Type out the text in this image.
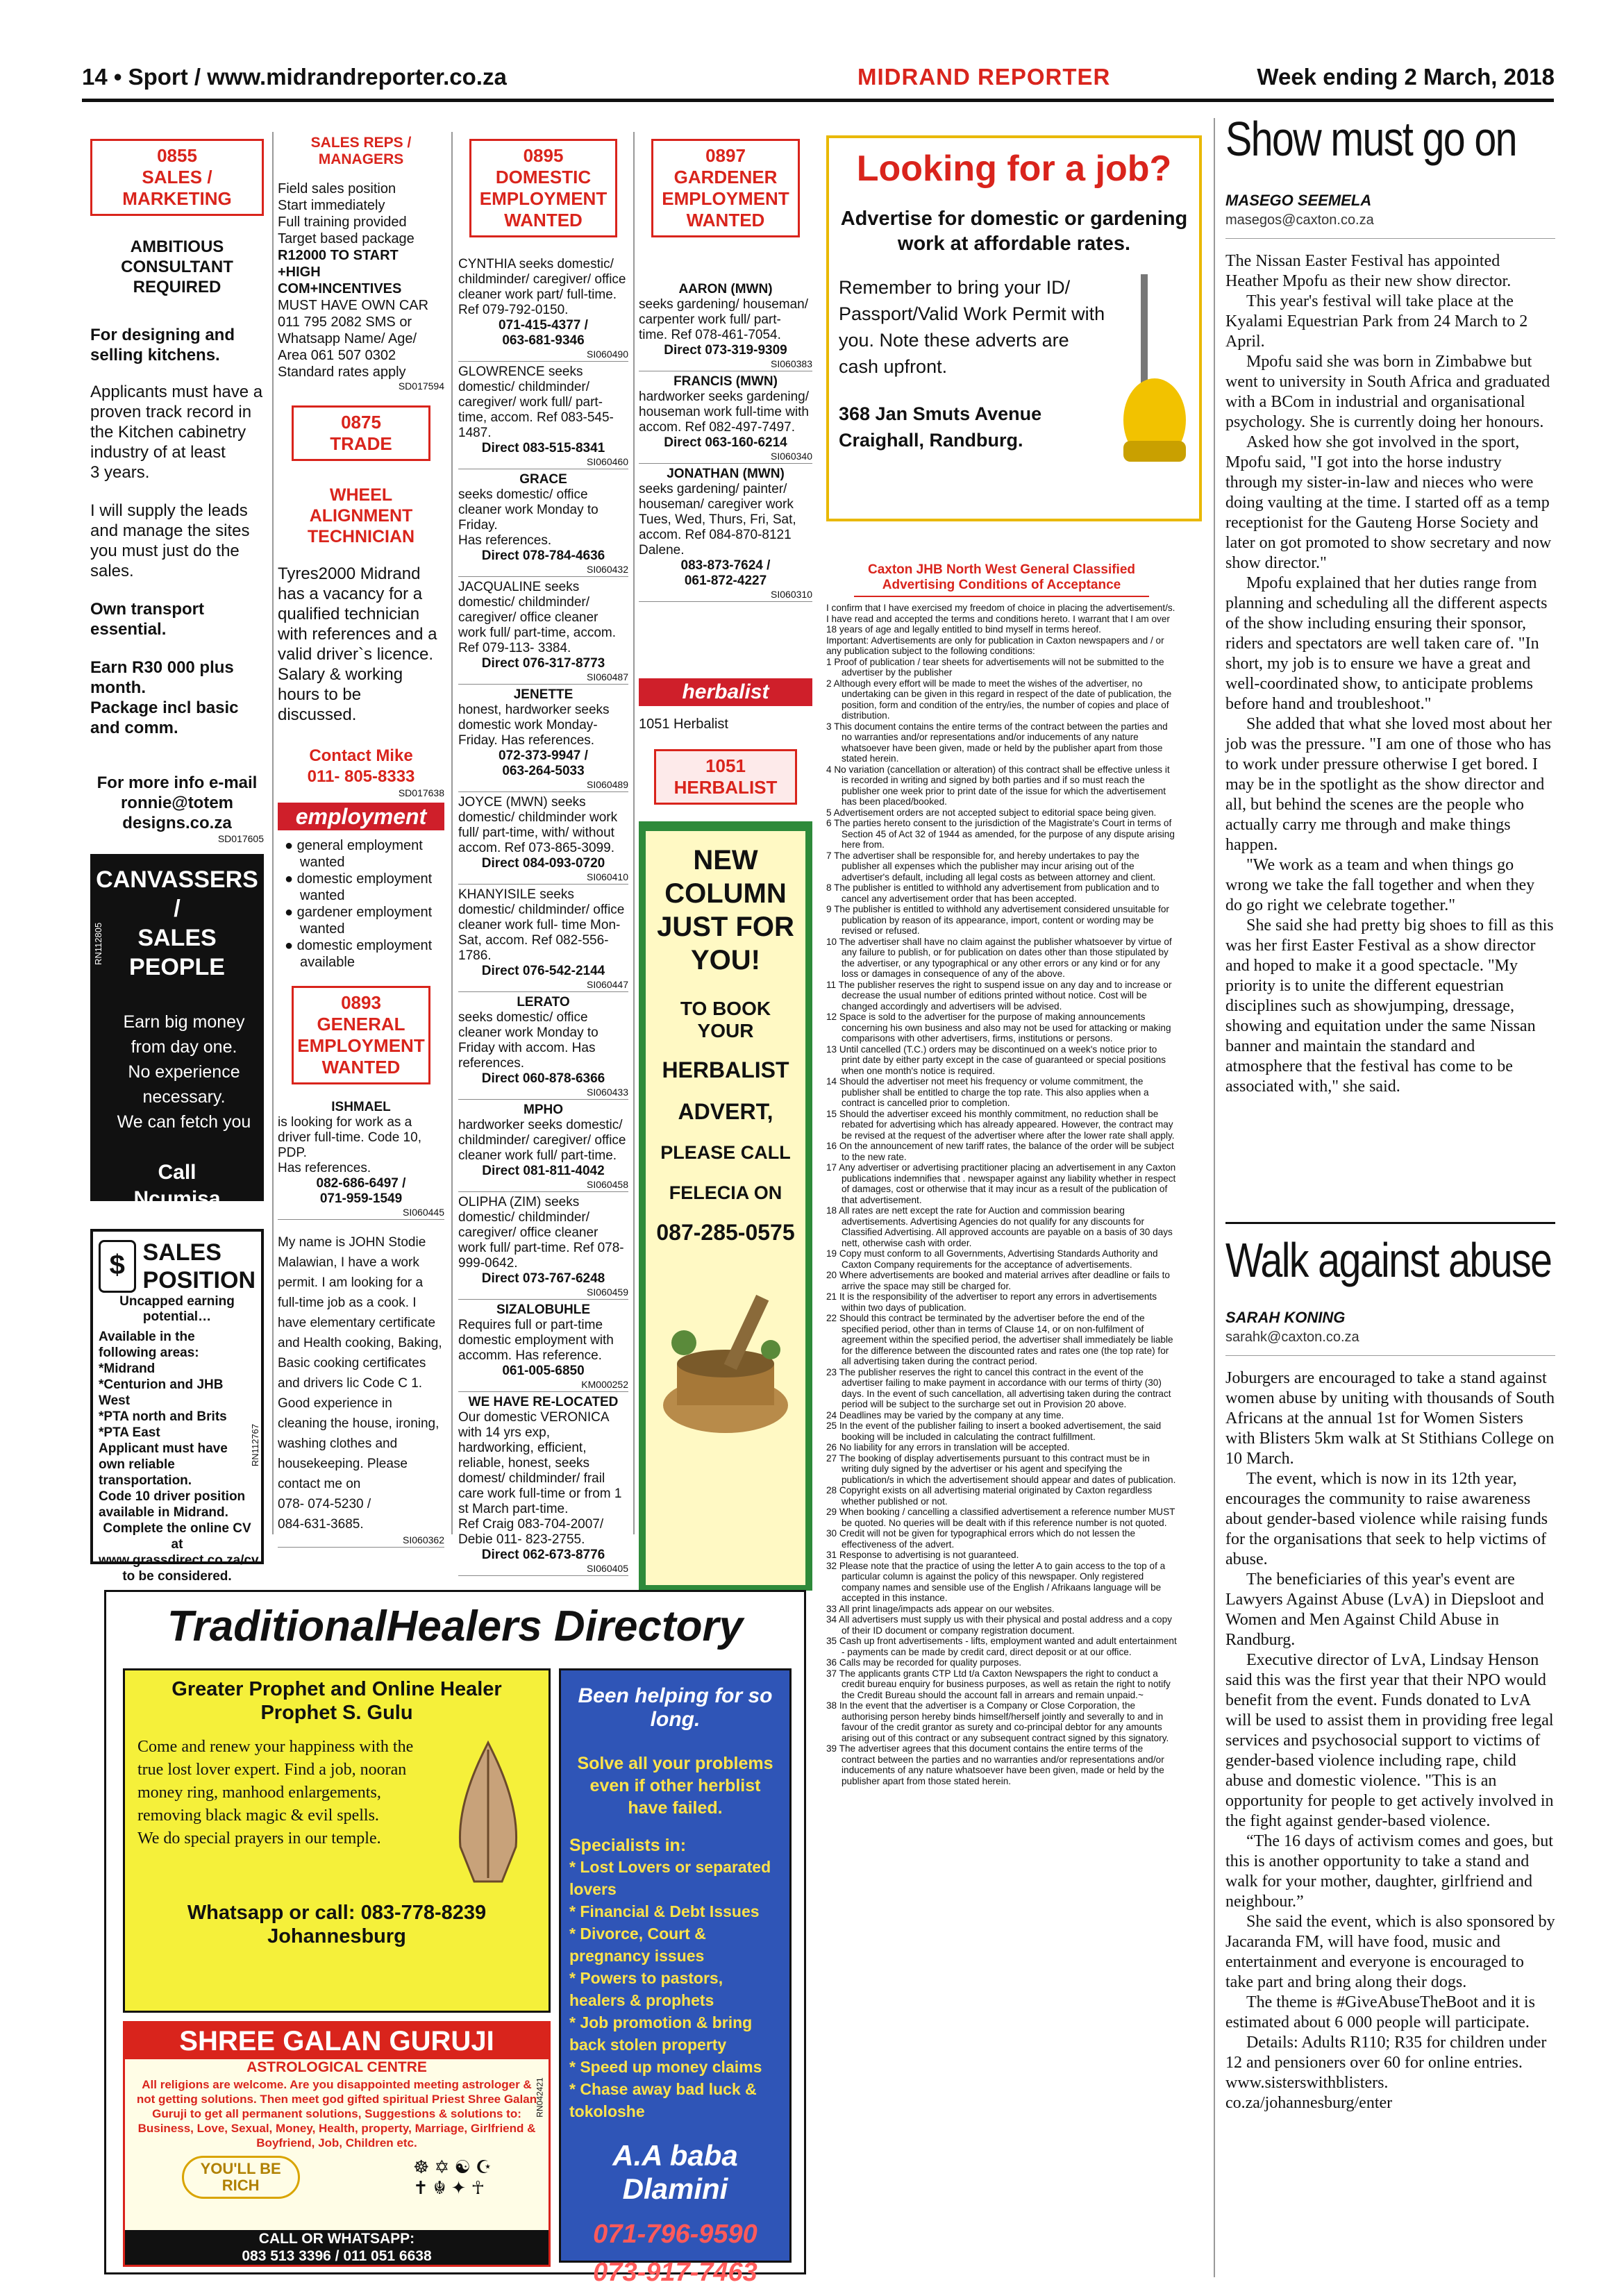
14 • Sport / www.midrandreporter.co.za	MIDRAND REPORTER	Week ending 2 March, 2018
0855
SALES / MARKETING
AMBITIOUS
CONSULTANT
REQUIRED
For designing and selling kitchens.
Applicants must have a proven track record in the Kitchen cabinetry industry of at least
3 years.
I will supply the leads and manage the sites you must just do the sales.
Own transport essential.
Earn R30 000 plus month.
Package incl basic and comm.
For more info e-mail
ronnie@totem
designs.co.za
SD017605
CANVASSERS /
SALES PEOPLE
Earn big money
from day one.
No experience
necessary.
We can fetch you
Call
Ncumisa
078 152 3922
RN112805
$ SALES
POSITION
Uncapped earning
potential…
Available in the following areas:
*Midrand
*Centurion and JHB West
*PTA north and Brits
*PTA East
Applicant must have own reliable transportation.
Code 10 driver position available in Midrand.
Complete the online CV at www.grassdirect.co.za/cv to be considered.
RN112767
SALES REPS /
MANAGERS
Field sales position
Start immediately
Full training provided
Target based package
R12000 TO START +HIGH COM+INCENTIVES
MUST HAVE OWN CAR
011 795 2082 SMS or
Whatsapp Name/ Age/
Area 061 507 0302
Standard rates apply
SD017594
0875
TRADE
WHEEL
ALIGNMENT
TECHNICIAN
Tyres2000 Midrand has a vacancy for a qualified technician with references and a valid driver`s licence. Salary & working hours to be discussed.
Contact Mike
011- 805-8333
SD017638
employment
● general employment wanted
● domestic employment wanted
● gardener employment wanted
● domestic employment available
0893
GENERAL
EMPLOYMENT
WANTED
ISHMAEL
is looking for work as a driver full-time. Code 10, PDP.
Has references.
082-686-6497 /
071-959-1549
SI060445
My name is JOHN Stodie Malawian, I have a work permit. I am looking for a full-time job as a cook. I have elementary certificate and Health cooking, Baking, Basic cooking certificates and drivers lic Code C 1. Good experience in cleaning the house, ironing, washing clothes and housekeeping. Please contact me on
078- 074-5230 /
084-631-3685.
SI060362
0895
DOMESTIC
EMPLOYMENT
WANTED
CYNTHIA seeks domestic/ childminder/ caregiver/ office cleaner work part/ full-time. Ref 079-792-0150.
071-415-4377 /
063-681-9346
SI060490
GLOWRENCE seeks domestic/ childminder/ caregiver/ work full/ part-time, accom. Ref 083-545-1487.
Direct 083-515-8341
SI060460
GRACE
seeks domestic/ office cleaner work Monday to Friday.
Has references.
Direct 078-784-4636
SI060432
JACQUALINE seeks domestic/ childminder/ caregiver/ office cleaner work full/ part-time, accom. Ref 079-113- 3384.
Direct 076-317-8773
SI060487
JENETTE
honest, hardworker seeks domestic work Monday-Friday. Has references.
072-373-9947 /
063-264-5033
SI060489
JOYCE (MWN) seeks domestic/ childminder work full/ part-time, with/ without accom. Ref 073-865-3099.
Direct 084-093-0720
SI060410
KHANYISILE seeks domestic/ childminder/ office cleaner work full- time Mon- Sat, accom. Ref 082-556- 1786.
Direct 076-542-2144
SI060447
LERATO
seeks domestic/ office cleaner work Monday to Friday with accom. Has references.
Direct 060-878-6366
SI060433
MPHO
hardworker seeks domestic/ childminder/ caregiver/ office cleaner work full/ part-time.
Direct 081-811-4042
SI060458
OLIPHA (ZIM) seeks domestic/ childminder/ caregiver/ office cleaner work full/ part-time. Ref 078-999-0642.
Direct 073-767-6248
SI060459
SIZALOBUHLE
Requires full or part-time domestic employment with accomm. Has reference.
061-005-6850
KM000252
WE HAVE RE-LOCATED
Our domestic VERONICA with 14 yrs exp, hardworking, efficient, reliable, honest, seeks domest/ childminder/ frail care work full-time or from 1 st March part-time.
Ref Craig 083-704-2007/ Debie 011- 823-2755.
Direct 062-673-8776
SI060405
0897
GARDENER
EMPLOYMENT
WANTED
AARON (MWN)
seeks gardening/ houseman/ carpenter work full/ part- time. Ref 078-461-7054.
Direct 073-319-9309
SI060383
FRANCIS (MWN)
hardworker seeks gardening/ houseman work full-time with accom. Ref 082-497-7497.
Direct 063-160-6214
SI060340
JONATHAN (MWN)
seeks gardening/ painter/ houseman/ caregiver work Tues, Wed, Thurs, Fri, Sat, accom. Ref 084-870-8121 Dalene.
083-873-7624 /
061-872-4227
SI060310
herbalist
1051 Herbalist
1051
HERBALIST
NEW
COLUMN
JUST FOR
YOU!
TO BOOK YOUR
HERBALIST
ADVERT,
PLEASE CALL
FELECIA ON
087-285-0575
Looking for a job?
Advertise for domestic or gardening work at affordable rates.
Remember to bring your ID/ Passport/Valid Work Permit with you. Note these adverts are cash upfront.
368 Jan Smuts Avenue
Craighall, Randburg.
Caxton JHB North West General Classified
Advertising Conditions of Acceptance
I confirm that I have exercised my freedom of choice in placing the advertisement/s. I have read and accepted the terms and conditions hereto. I warrant that I am over 18 years of age and legally entitled to bind myself in terms hereof.
Important: Advertisements are only for publication in Caxton newspapers and / or any publication subject to the following conditions:
1 Proof of publication / tear sheets for advertisements will not be submitted to the advertiser by the publisher
2 Although every effort will be made to meet the wishes of the advertiser, no undertaking can be given in this regard in respect of the date of publication, the position, form and condition of the entry/ies, the number of copies and place of distribution.
3 This document contains the entire terms of the contract between the parties and no warranties and/or representations and/or inducements of any nature whatsoever have been given, made or held by the publisher apart from those stated herein.
4 No variation (cancellation or alteration) of this contract shall be effective unless it is recorded in writing and signed by both parties and if so must reach the publisher one week prior to print date of the issue for which the advertisement has been placed/booked.
5 Advertisement orders are not accepted subject to editorial space being given.
6 The parties hereto consent to the jurisdiction of the Magistrate's Court in terms of Section 45 of Act 32 of 1944 as amended, for the purpose of any dispute arising here from.
7 The advertiser shall be responsible for, and hereby undertakes to pay the publisher all expenses which the publisher may incur arising out of the advertiser's default, including all legal costs as between attorney and client.
8 The publisher is entitled to withhold any advertisement from publication and to cancel any advertisement order that has been accepted.
9 The publisher is entitled to withhold any advertisement considered unsuitable for publication by reason of its appearance, import, content or wording may be revised or refused.
10 The advertiser shall have no claim against the publisher whatsoever by virtue of any failure to publish, or for publication on dates other than those stipulated by the advertiser, or any typographical or any other errors or any kind or for any loss or damages in consequence of any of the above.
11 The publisher reserves the right to suspend issue on any day and to increase or decrease the usual number of editions printed without notice. Cost will be changed accordingly and advertisers will be advised.
12 Space is sold to the advertiser for the purpose of making announcements concerning his own business and also may not be used for attacking or making comparisons with other advertisers, firms, institutions or persons.
13 Until cancelled (T.C.) orders may be discontinued on a week's notice prior to print date by either party except in the case of guaranteed or special positions when one month's notice is required.
14 Should the advertiser not meet his frequency or volume commitment, the publisher shall be entitled to charge the top rate. This also applies when a contract is cancelled prior to completion.
15 Should the advertiser exceed his monthly commitment, no reduction shall be rebated for advertising which has already appeared. However, the contract may be revised at the request of the advertiser where after the lower rate shall apply.
16 On the announcement of new tariff rates, the balance of the order will be subject to the new rate.
17 Any advertiser or advertising practitioner placing an advertisement in any Caxton publications indemnifies that . newspaper against any liability whether in respect of damages, cost or otherwise that it may incur as a result of the publication of that advertisement.
18 All rates are nett except the rate for Auction and commission bearing advertisements. Advertising Agencies do not qualify for any discounts for Classified Advertising. All approved accounts are payable on a basis of 30 days nett, otherwise cash with order.
19 Copy must conform to all Governments, Advertising Standards Authority and Caxton Company requirements for the acceptance of advertisements.
20 Where advertisements are booked and material arrives after deadline or fails to arrive the space may still be charged for.
21 It is the responsibility of the advertiser to report any errors in advertisements within two days of publication.
22 Should this contract be terminated by the advertiser before the end of the specified period, other than in terms of Clause 14, or on non-fulfilment of agreement within the specified period, the advertiser shall immediately be liable for the difference between the discounted rates and rates one (the top rate) for all advertising taken during the contract period.
23 The publisher reserves the right to cancel this contract in the event of the advertiser failing to make payment in accordance with our terms of thirty (30) days. In the event of such cancellation, all advertising taken during the contract period will be subject to the surcharge set out in Provision 20 above.
24 Deadlines may be varied by the company at any time.
25 In the event of the publisher failing to insert a booked advertisement, the said booking will be included in calculating the contract fulfillment.
26 No liability for any errors in translation will be accepted.
27 The booking of display advertisements pursuant to this contract must be in writing duly signed by the advertiser or his agent and specifying the publication/s in which the advertisement should appear and dates of publication.
28 Copyright exists on all advertising material originated by Caxton regardless whether published or not.
29 When booking / cancelling a classified advertisement a reference number MUST be quoted. No queries will be dealt with if this reference number is not quoted.
30 Credit will not be given for typographical errors which do not lessen the effectiveness of the advert.
31 Response to advertising is not guaranteed.
32 Please note that the practice of using the letter A to gain access to the top of a particular column is against the policy of this newspaper. Only registered company names and sensible use of the English / Afrikaans language will be accepted in this instance.
33 All print linage/impacts ads appear on our websites.
34 All advertisers must supply us with their physical and postal address and a copy of their ID document or company registration document.
35 Cash up front advertisements - lifts, employment wanted and adult entertainment - payments can be made by credit card, direct deposit or at our office.
36 Calls may be recorded for quality purposes.
37 The applicants grants CTP Ltd t/a Caxton Newspapers the right to conduct a credit bureau enquiry for business purposes, as well as retain the right to notify the Credit Bureau should the account fall in arrears and remain unpaid.~
38 In the event that the advertiser is a Company or Close Corporation, the authorising person hereby binds himself/herself jointly and severally to and in favour of the credit grantor as surety and co-principal debtor for any amounts arising out of this contract or any subsequent contract signed by this signatory.
39 The advertiser agrees that this document contains the entire terms of the contract between the parties and no warranties and/or representations and/or inducements of any nature whatsoever have been given, made or held by the publisher apart from those stated herein.
TraditionalHealers Directory
Greater Prophet and Online Healer
Prophet S. Gulu
Come and renew your happiness with the true lost lover expert. Find a job, nooran money ring, manhood enlargements, removing black magic & evil spells.
We do special prayers in our temple.
Whatsapp or call: 083-778-8239
Johannesburg
SHREE GALAN GURUJI
ASTROLOGICAL CENTRE
All religions are welcome. Are you disappointed meeting astrologer & not getting solutions. Then meet god gifted spiritual Priest Shree Galan Guruji to get all permanent solutions, Suggestions & solutions to: Business, Love, Sexual, Money, Health, property, Marriage, Girlfriend & Boyfriend, Job, Children etc.
YOU'LL BE
RICH
☸ ✡ ☯ ☪
✝ ☬ ✦ ☥
CALL OR WHATSAPP:
083 513 3396 / 011 051 6638
RN042421
Been helping for so long.
Solve all your problems even if other herblist have failed.
Specialists in:
* Lost Lovers or separated lovers
* Financial & Debt Issues
* Divorce, Court & pregnancy issues
* Powers to pastors, healers & prophets
* Job promotion & bring back stolen property
* Speed up money claims
* Chase away bad luck & tokoloshe
A.A baba Dlamini
071-796-9590
073-917-7463
Show must go on
MASEGO SEEMELA
masegos@caxton.co.za

The Nissan Easter Festival has appointed Heather Mpofu as their new show director.

This year's festival will take place at the Kyalami Equestrian Park from 24 March to 2 April.

Mpofu said she was born in Zimbabwe but went to university in South Africa and graduated with a BCom in industrial and organisational psychology. She is currently doing her honours.

Asked how she got involved in the sport, Mpofu said, "I got into the horse industry through my sister-in-law and nieces who were doing vaulting at the time. I started off as a temp receptionist for the Gauteng Horse Society and later on got promoted to show secretary and now show director."

Mpofu explained that her duties range from planning and scheduling all the different aspects of the show including ensuring their sponsor, riders and spectators are well taken care of. "In short, my job is to ensure we have a great and well-coordinated show, to anticipate problems before hand and troubleshoot."

She added that what she loved most about her job was the pressure. "I am one of those who has to work under pressure otherwise I get bored. I may be in the spotlight as the show director and all, but behind the scenes are the people who actually carry me through and make things happen.

"We work as a team and when things go wrong we take the fall together and when they do go right we celebrate together."

She said she had pretty big shoes to fill as this was her first Easter Festival as a show director and hoped to make it a good spectacle. "My priority is to unite the different equestrian disciplines such as showjumping, dressage, showing and equitation under the same Nissan banner and maintain the standard and atmosphere that the festival has come to be associated with," she said.

Walk against abuse
SARAH KONING
sarahk@caxton.co.za

Joburgers are encouraged to take a stand against women abuse by uniting with thousands of South Africans at the annual 1st for Women Sisters with Blisters 5km walk at St Stithians College on 10 March.

The event, which is now in its 12th year, encourages the community to raise awareness about gender-based violence while raising funds for the organisations that seek to help victims of abuse.

The beneficiaries of this year's event are Lawyers Against Abuse (LvA) in Diepsloot and Women and Men Against Child Abuse in Randburg.

Executive director of LvA, Lindsay Henson said this was the first year that their NPO would benefit from the event. Funds donated to LvA will be used to assist them in providing free legal services and psychosocial support to victims of gender-based violence including rape, child abuse and domestic violence. "This is an opportunity for people to get actively involved in the fight against gender-based violence.

“The 16 days of activism comes and goes, but this is another opportunity to take a stand and walk for your mother, daughter, girlfriend and neighbour.”

She said the event, which is also sponsored by Jacaranda FM, will have food, music and entertainment and everyone is encouraged to take part and bring along their dogs.

The theme is #GiveAbuseTheBoot and it is estimated about 6 000 people will participate.

Details: Adults R110; R35 for children under 12 and pensioners over 60 for online entries. www.sisterswithblisters. co.za/johannesburg/enter
